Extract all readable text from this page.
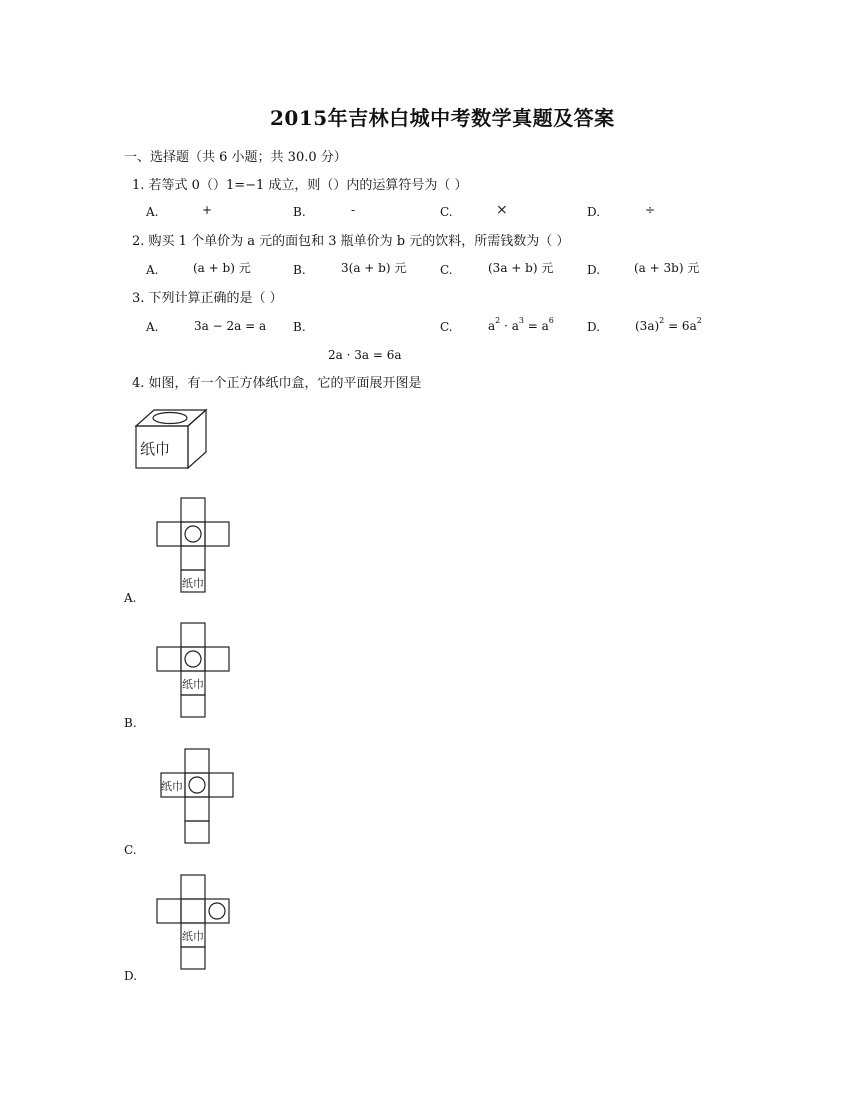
2015年吉林白城中考数学真题及答案
一、选择题（共 6 小题；共 30.0 分）
1. 若等式 0（）1=−1 成立，则（）内的运算符号为（ ）
A.	+	B.	-	C.	×	D.	÷
2. 购买 1 个单价为 a 元的面包和 3 瓶单价为 b 元的饮料，所需钱数为（ ）
A.	(a + b) 元	B.	3(a + b) 元	C.	(3a + b) 元	D.	(a + 3b) 元
3. 下列计算正确的是（ ）
A.	3a − 2a = a B.
2a · 3a = 6a
C.	$a^2 \cdot a^3 = a^6$	D.	$(3a)^2 = 6a^2$
4. 如图，有一个正方体纸巾盒，它的平面展开图是
纸巾
纸巾
A.
纸巾
B.
纸巾
C.
纸巾
D.
